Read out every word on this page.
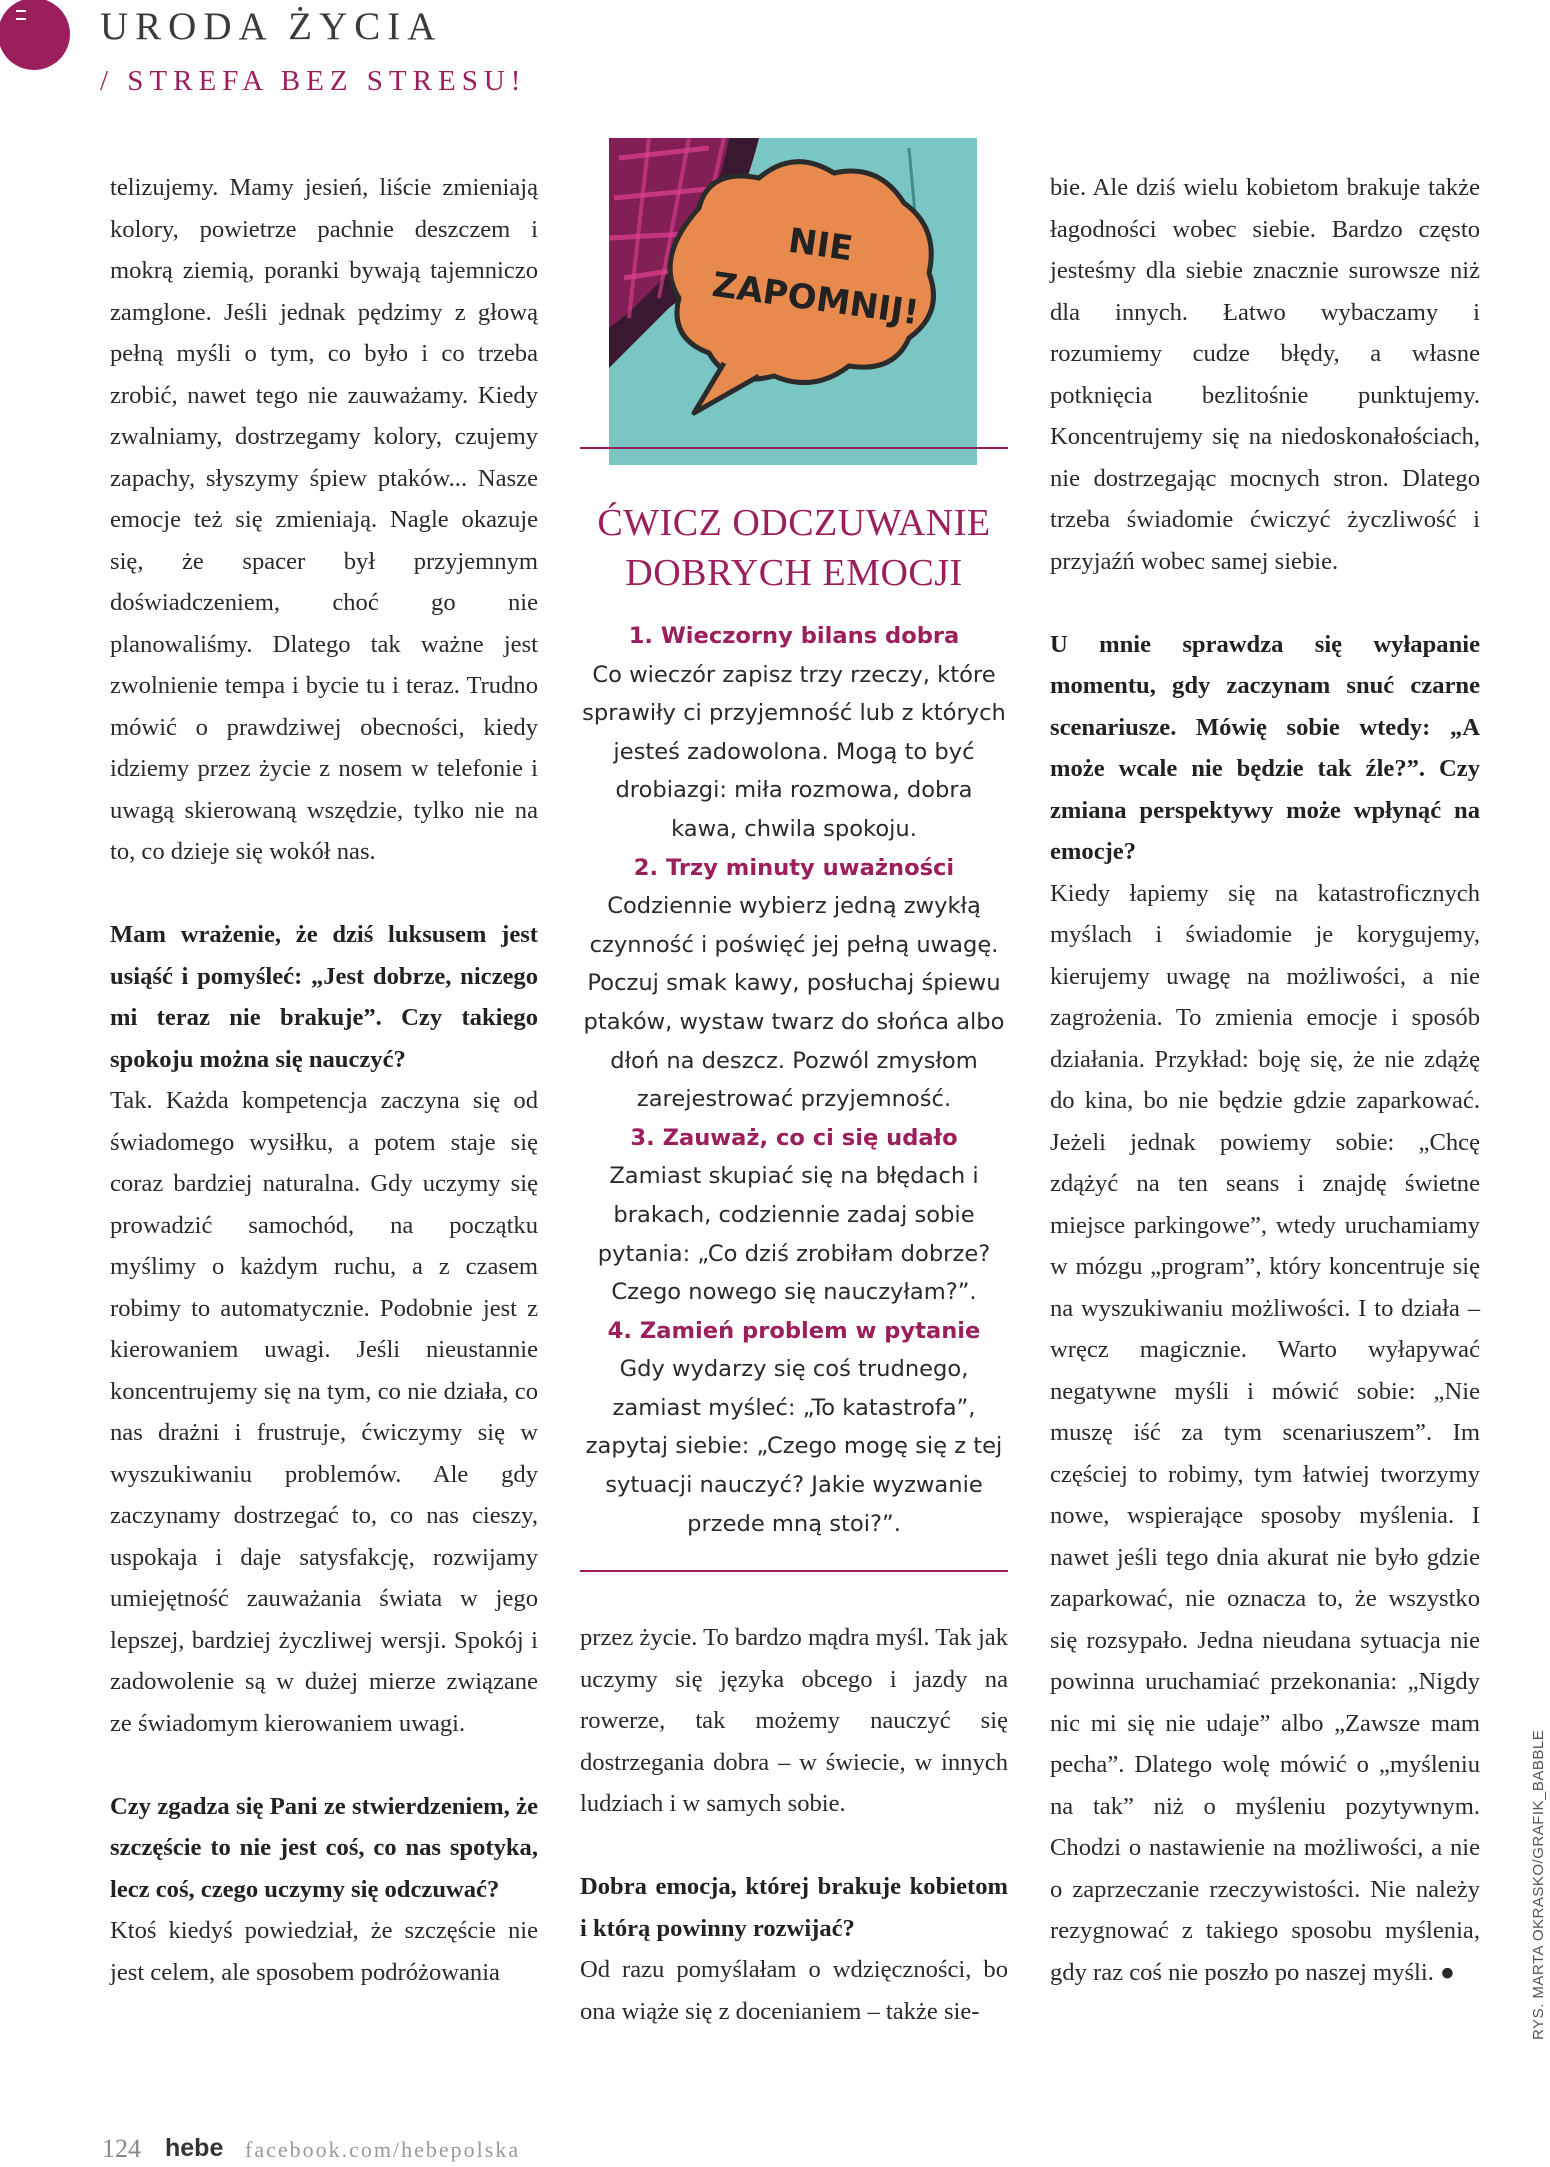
URODA ŻYCIA
/ STREFA BEZ STRESU!

telizujemy. Mamy jesień, liście zmieniają kolory, powietrze pachnie deszczem i mokrą ziemią, poranki bywają tajemniczo zamglone. Jeśli jednak pędzimy z głową pełną myśli o tym, co było i co trzeba zrobić, nawet tego nie zauważamy. Kiedy zwalniamy, dostrzegamy kolory, czujemy zapachy, słyszymy śpiew ptaków... Nasze emocje też się zmieniają. Nagle okazuje się, że spacer był przyjemnym doświadczeniem, choć go nie planowaliśmy. Dlatego tak ważne jest zwolnienie tempa i bycie tu i teraz. Trudno mówić o prawdziwej obecności, kiedy idziemy przez życie z nosem w telefonie i uwagą skierowaną wszędzie, tylko nie na to, co dzieje się wokół nas.

Mam wrażenie, że dziś luksusem jest usiąść i pomyśleć: „Jest dobrze, niczego mi teraz nie brakuje”. Czy takiego spokoju można się nauczyć?

Tak. Każda kompetencja zaczyna się od świadomego wysiłku, a potem staje się coraz bardziej naturalna. Gdy uczymy się prowadzić samochód, na początku myślimy o każdym ruchu, a z czasem robimy to automatycznie. Podobnie jest z kierowaniem uwagi. Jeśli nieustannie koncentrujemy się na tym, co nie działa, co nas drażni i frustruje, ćwiczymy się w wyszukiwaniu problemów. Ale gdy zaczynamy dostrzegać to, co nas cieszy, uspokaja i daje satysfakcję, rozwijamy umiejętność zauważania świata w jego lepszej, bardziej życzliwej wersji. Spokój i zadowolenie są w dużej mierze związane ze świadomym kierowaniem uwagi.

Czy zgadza się Pani ze stwierdzeniem, że szczęście to nie jest coś, co nas spotyka, lecz coś, czego uczymy się odczuwać?

Ktoś kiedyś powiedział, że szczęście nie jest celem, ale sposobem podróżowania

NIE
ZAPOMNIJ!
ĆWICZ ODCZUWANIE
DOBRYCH EMOCJI
1. Wieczorny bilans dobra
Co wieczór zapisz trzy rzeczy, które sprawiły ci przyjemność lub z których jesteś zadowolona. Mogą to być drobiazgi: miła rozmowa, dobra kawa, chwila spokoju.
2. Trzy minuty uważności
Codziennie wybierz jedną zwykłą czynność i poświęć jej pełną uwagę. Poczuj smak kawy, posłuchaj śpiewu ptaków, wystaw twarz do słońca albo dłoń na deszcz. Pozwól zmysłom zarejestrować przyjemność.
3. Zauważ, co ci się udało
Zamiast skupiać się na błędach i brakach, codziennie zadaj sobie pytania: „Co dziś zrobiłam dobrze? Czego nowego się nauczyłam?”.
4. Zamień problem w pytanie
Gdy wydarzy się coś trudnego, zamiast myśleć: „To katastrofa”, zapytaj siebie: „Czego mogę się z tej sytuacji nauczyć? Jakie wyzwanie przede mną stoi?”.

przez życie. To bardzo mądra myśl. Tak jak uczymy się języka obcego i jazdy na rowerze, tak możemy nauczyć się dostrzegania dobra – w świecie, w innych ludziach i w samych sobie.

Dobra emocja, której brakuje kobietom i którą powinny rozwijać?

Od razu pomyślałam o wdzięczności, bo ona wiąże się z docenianiem – także sie-

bie. Ale dziś wielu kobietom brakuje także łagodności wobec siebie. Bardzo często jesteśmy dla siebie znacznie surowsze niż dla innych. Łatwo wybaczamy i rozumiemy cudze błędy, a własne potknięcia bezlitośnie punktujemy. Koncentrujemy się na niedoskonałościach, nie dostrzegając mocnych stron. Dlatego trzeba świadomie ćwiczyć życzliwość i przyjaźń wobec samej siebie.

U mnie sprawdza się wyłapanie momentu, gdy zaczynam snuć czarne scenariusze. Mówię sobie wtedy: „A może wcale nie będzie tak źle?”. Czy zmiana perspektywy może wpłynąć na emocje?

Kiedy łapiemy się na katastroficznych myślach i świadomie je korygujemy, kierujemy uwagę na możliwości, a nie zagrożenia. To zmienia emocje i sposób działania. Przykład: boję się, że nie zdążę do kina, bo nie będzie gdzie zaparkować. Jeżeli jednak powiemy sobie: „Chcę zdążyć na ten seans i znajdę świetne miejsce parkingowe”, wtedy uruchamiamy w mózgu „program”, który koncentruje się na wyszukiwaniu możliwości. I to działa – wręcz magicznie. Warto wyłapywać negatywne myśli i mówić sobie: „Nie muszę iść za tym scenariuszem”. Im częściej to robimy, tym łatwiej tworzymy nowe, wspierające sposoby myślenia. I nawet jeśli tego dnia akurat nie było gdzie zaparkować, nie oznacza to, że wszystko się rozsypało. Jedna nieudana sytuacja nie powinna uruchamiać przekonania: „Nigdy nic mi się nie udaje” albo „Zawsze mam pecha”. Dlatego wolę mówić o „myśleniu na tak” niż o myśleniu pozytywnym. Chodzi o nastawienie na możliwości, a nie o zaprzeczanie rzeczywistości. Nie należy rezygnować z takiego sposobu myślenia, gdy raz coś nie poszło po naszej myśli. ●	RYS. MARTA OKRASKO/GRAFIK_BABBLE
124 hebe facebook.com/hebepolska
